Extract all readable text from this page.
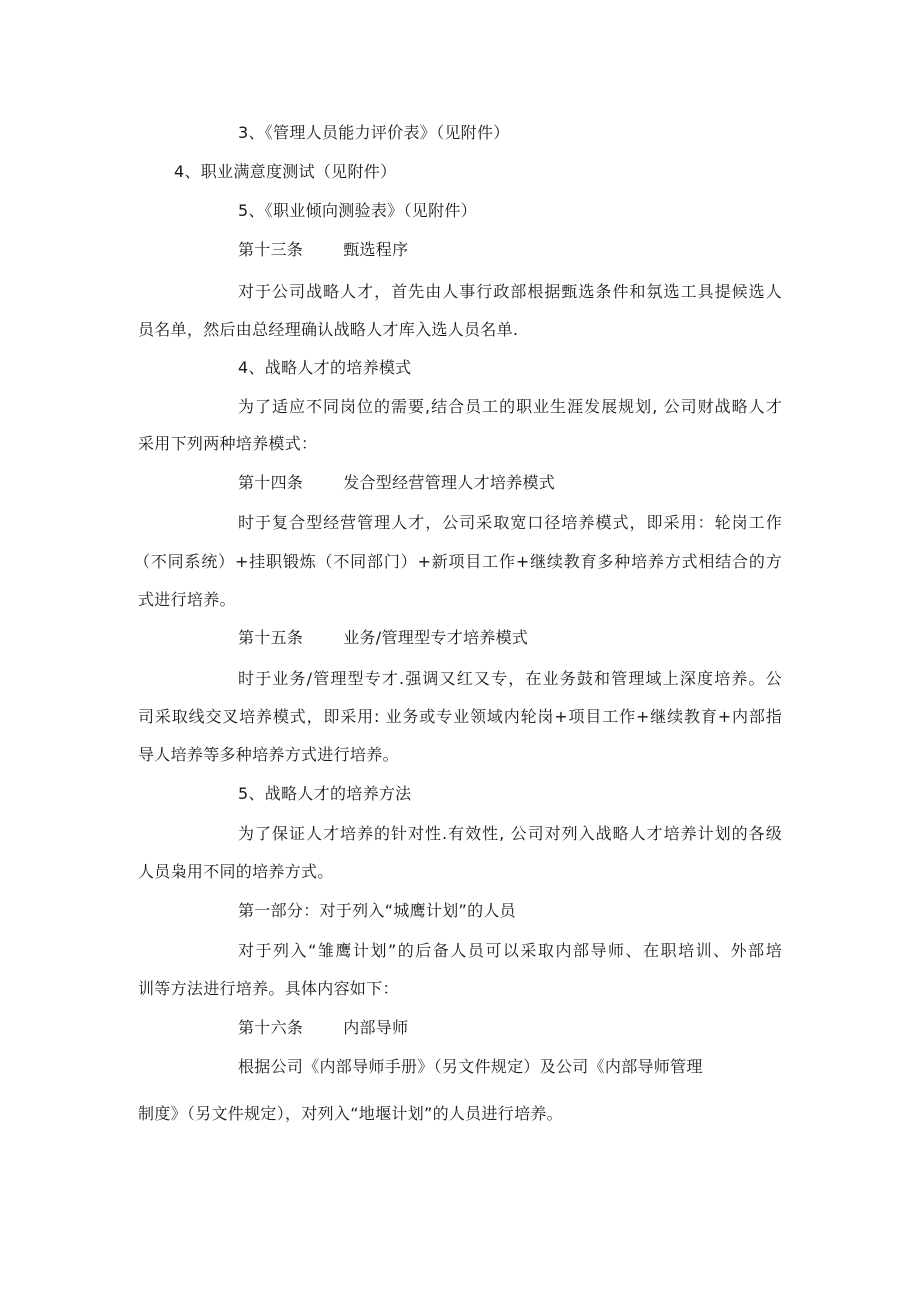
3、《管理人员能力评价表》（见附件）
4、职业满意度测试（见附件）
5、《职业倾向测验表》（见附件）
第十三条	甄选程序
对于公司战略人才，首先由人事行政部根据甄选条件和氛选工具提候选人
员名单，然后由总经理确认战略人才库入选人员名单.
4、战略人才的培养模式
为了适应不同岗位的需要,结合员工的职业生涯发展规划, 公司财战略人才
采用下列两种培养模式：
第十四条	发合型经营管理人才培养模式
时于复合型经营管理人才，公司采取宽口径培养模式，即采用：轮岗工作
（不同系统）+挂职锻炼（不同部门）+新项目工作+继续教育多种培养方式相结合的方
式进行培养。
第十五条	业务/管理型专才培养模式
时于业务/管理型专才.强调又红又专，在业务鼓和管理域上深度培养。公
司采取线交叉培养模式，即采用: 业务或专业领域内轮岗+项目工作+继续教育+内部指
导人培养等多种培养方式进行培养。
5、战略人才的培养方法
为了保证人才培养的针对性.有效性, 公司对列入战略人才培养计划的各级
人员枭用不同的培养方式。
第一部分：对于列入“城鹰计划”的人员
对于列入“雏鹰计划”的后备人员可以采取内部导师、在职培训、外部培
训等方法进行培养。具体内容如下：
第十六条	内部导师
根据公司《内部导师手册》（另文件规定）及公司《内部导师管理
制度》（另文件规定），对列入“地堰计划”的人员进行培养。
